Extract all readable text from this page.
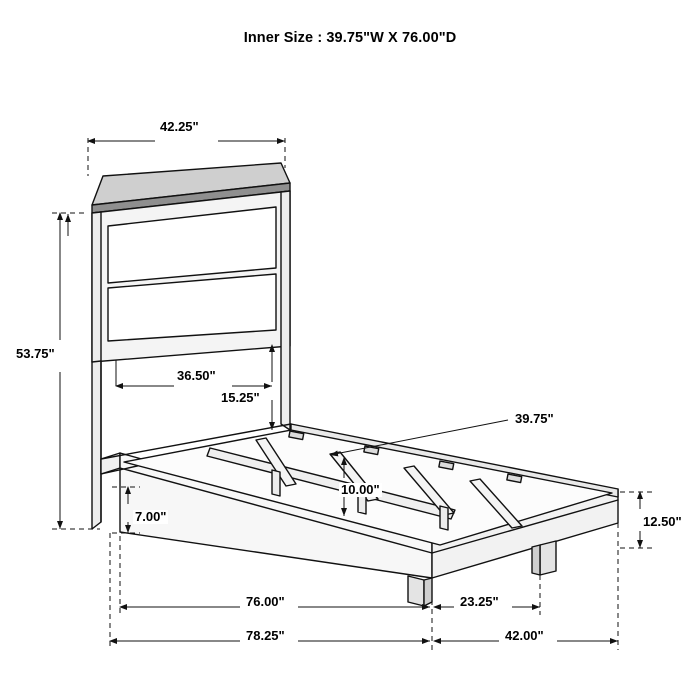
Inner Size : 39.75"W X 76.00"D
42.25"
53.75"
36.50"
15.25"
39.75"
10.00"
7.00"	12.50"
76.00"	23.25"
78.25"	42.00"
